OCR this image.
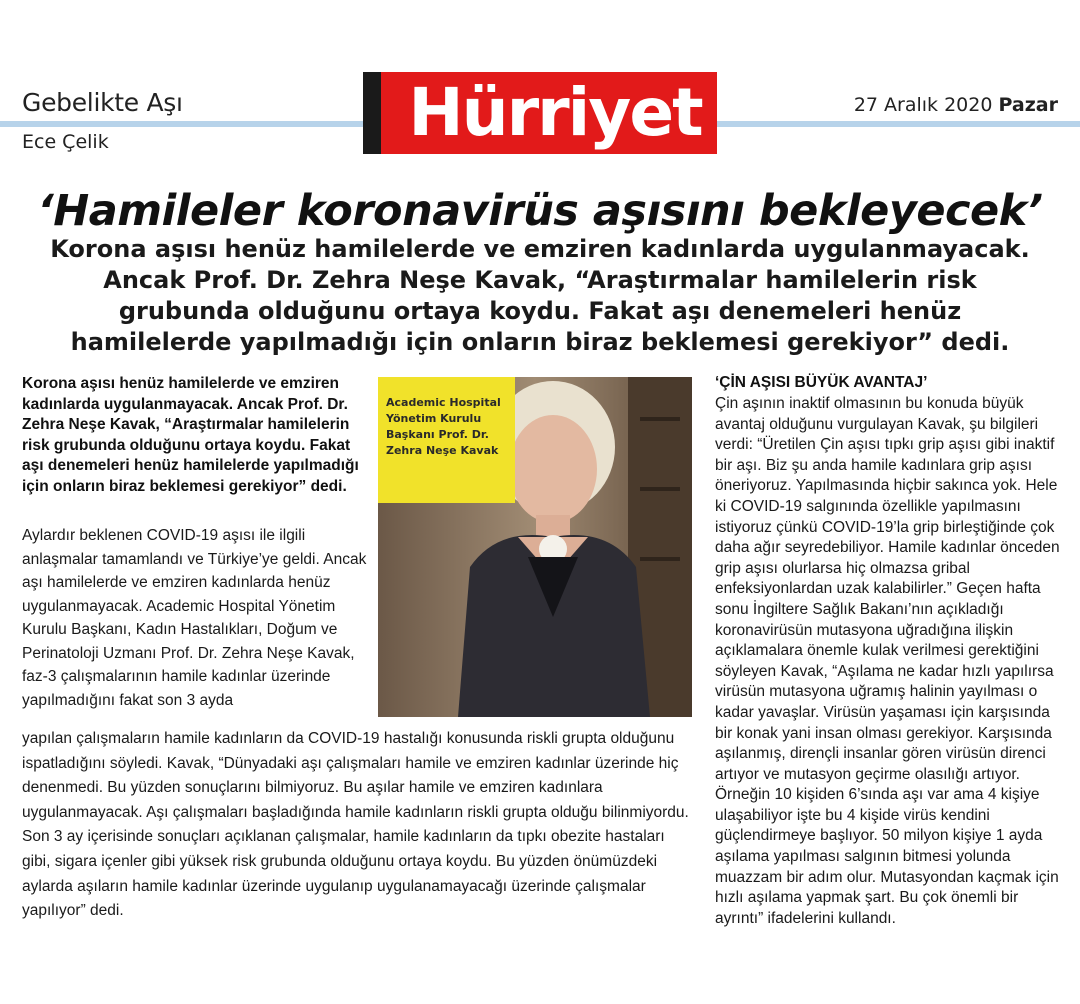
Gebelikte Aşı
Ece Çelik
27 Aralık 2020 Pazar
Hürriyet
‘Hamileler koronavirüs aşısını bekleyecek’
Korona aşısı henüz hamilelerde ve emziren kadınlarda uygulanmayacak. Ancak Prof. Dr. Zehra Neşe Kavak, “Araştırmalar hamilelerin risk grubunda olduğunu ortaya koydu. Fakat aşı denemeleri henüz hamilelerde yapılmadığı için onların biraz beklemesi gerekiyor” dedi.

Korona aşısı henüz hamilelerde ve emziren kadınlarda uygulanmayacak. Ancak Prof. Dr. Zehra Neşe Kavak, “Araştırmalar hamilelerin risk grubunda olduğunu ortaya koydu. Fakat aşı denemeleri henüz hamilelerde yapılmadığı için onların biraz beklemesi gerekiyor” dedi.

Aylardır beklenen COVID-19 aşısı ile ilgili anlaşmalar tamamlandı ve Türkiye’ye geldi. Ancak aşı hamilelerde ve emziren kadınlarda henüz uygulanmayacak. Academic Hospital Yönetim Kurulu Başkanı, Kadın Hastalıkları, Doğum ve Perinatoloji Uzmanı Prof. Dr. Zehra Neşe Kavak, faz-3 çalışmalarının hamile kadınlar üzerinde yapılmadığını fakat son 3 ayda

Academic Hospital Yönetim Kurulu Başkanı Prof. Dr. Zehra Neşe Kavak

yapılan çalışmaların hamile kadınların da COVID-19 hastalığı konusunda riskli grupta olduğunu ispatladığını söyledi. Kavak, “Dünyadaki aşı çalışmaları hamile ve emziren kadınlar üzerinde hiç denenmedi. Bu yüzden sonuçlarını bilmiyoruz. Bu aşılar hamile ve emziren kadınlara uygulanmayacak. Aşı çalışmaları başladığında hamile kadınların riskli grupta olduğu bilinmiyordu. Son 3 ay içerisinde sonuçları açıklanan çalışmalar, hamile kadınların da tıpkı obezite hastaları gibi, sigara içenler gibi yüksek risk grubunda olduğunu ortaya koydu. Bu yüzden önümüzdeki aylarda aşıların hamile kadınlar üzerinde uygulanıp uygulanamayacağı üzerinde çalışmalar yapılıyor” dedi.

‘ÇİN AŞISI BÜYÜK AVANTAJ’

Çin aşının inaktif olmasının bu konuda büyük avantaj olduğunu vurgulayan Kavak, şu bilgileri verdi: “Üretilen Çin aşısı tıpkı grip aşısı gibi inaktif bir aşı. Biz şu anda hamile kadınlara grip aşısı öneriyoruz. Yapılmasında hiçbir sakınca yok. Hele ki COVID-19 salgınında özellikle yapılmasını istiyoruz çünkü COVID-19’la grip birleştiğinde çok daha ağır seyredebiliyor. Hamile kadınlar önceden grip aşısı olurlarsa hiç olmazsa gribal enfeksiyonlardan uzak kalabilirler.” Geçen hafta sonu İngiltere Sağlık Bakanı’nın açıkladığı koronavirüsün mutasyona uğradığına ilişkin açıklamalara önemle kulak verilmesi gerektiğini söyleyen Kavak, “Aşılama ne kadar hızlı yapılırsa virüsün mutasyona uğramış halinin yayılması o kadar yavaşlar. Virüsün yaşaması için karşısında bir konak yani insan olması gerekiyor. Karşısında aşılanmış, dirençli insanlar gören virüsün direnci artıyor ve mutasyon geçirme olasılığı artıyor. Örneğin 10 kişiden 6’sında aşı var ama 4 kişiye ulaşabiliyor işte bu 4 kişide virüs kendini güçlendirmeye başlıyor. 50 milyon kişiye 1 ayda aşılama yapılması salgının bitmesi yolunda muazzam bir adım olur. Mutasyondan kaçmak için hızlı aşılama yapmak şart. Bu çok önemli bir ayrıntı” ifadelerini kullandı.
